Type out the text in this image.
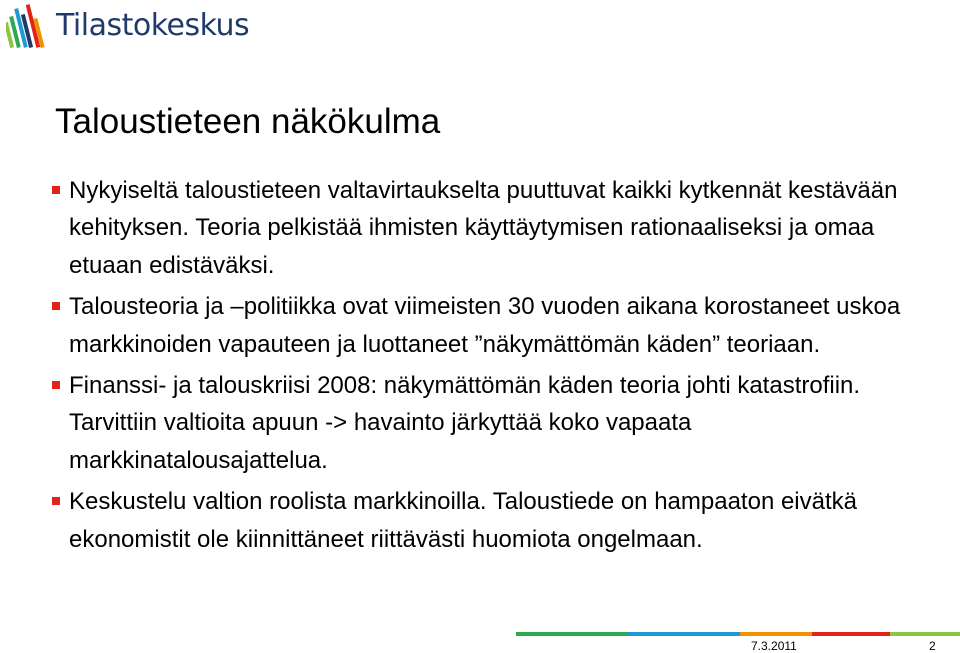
Tilastokeskus
Taloustieteen näkökulma
Nykyiseltä taloustieteen valtavirtaukselta puuttuvat kaikki kytkennät kestävään kehityksen. Teoria pelkistää ihmisten käyttäytymisen rationaaliseksi ja omaa etuaan edistäväksi.
Talousteoria ja –politiikka ovat viimeisten 30 vuoden aikana korostaneet uskoa markkinoiden vapauteen ja luottaneet ”näkymättömän käden” teoriaan.
Finanssi- ja talouskriisi 2008: näkymättömän käden teoria johti katastrofiin. Tarvittiin valtioita apuun -> havainto järkyttää koko vapaata markkinatalousajattelua.
Keskustelu valtion roolista markkinoilla. Taloustiede on hampaaton eivätkä ekonomistit ole kiinnittäneet riittävästi huomiota ongelmaan.
7.3.2011	2
